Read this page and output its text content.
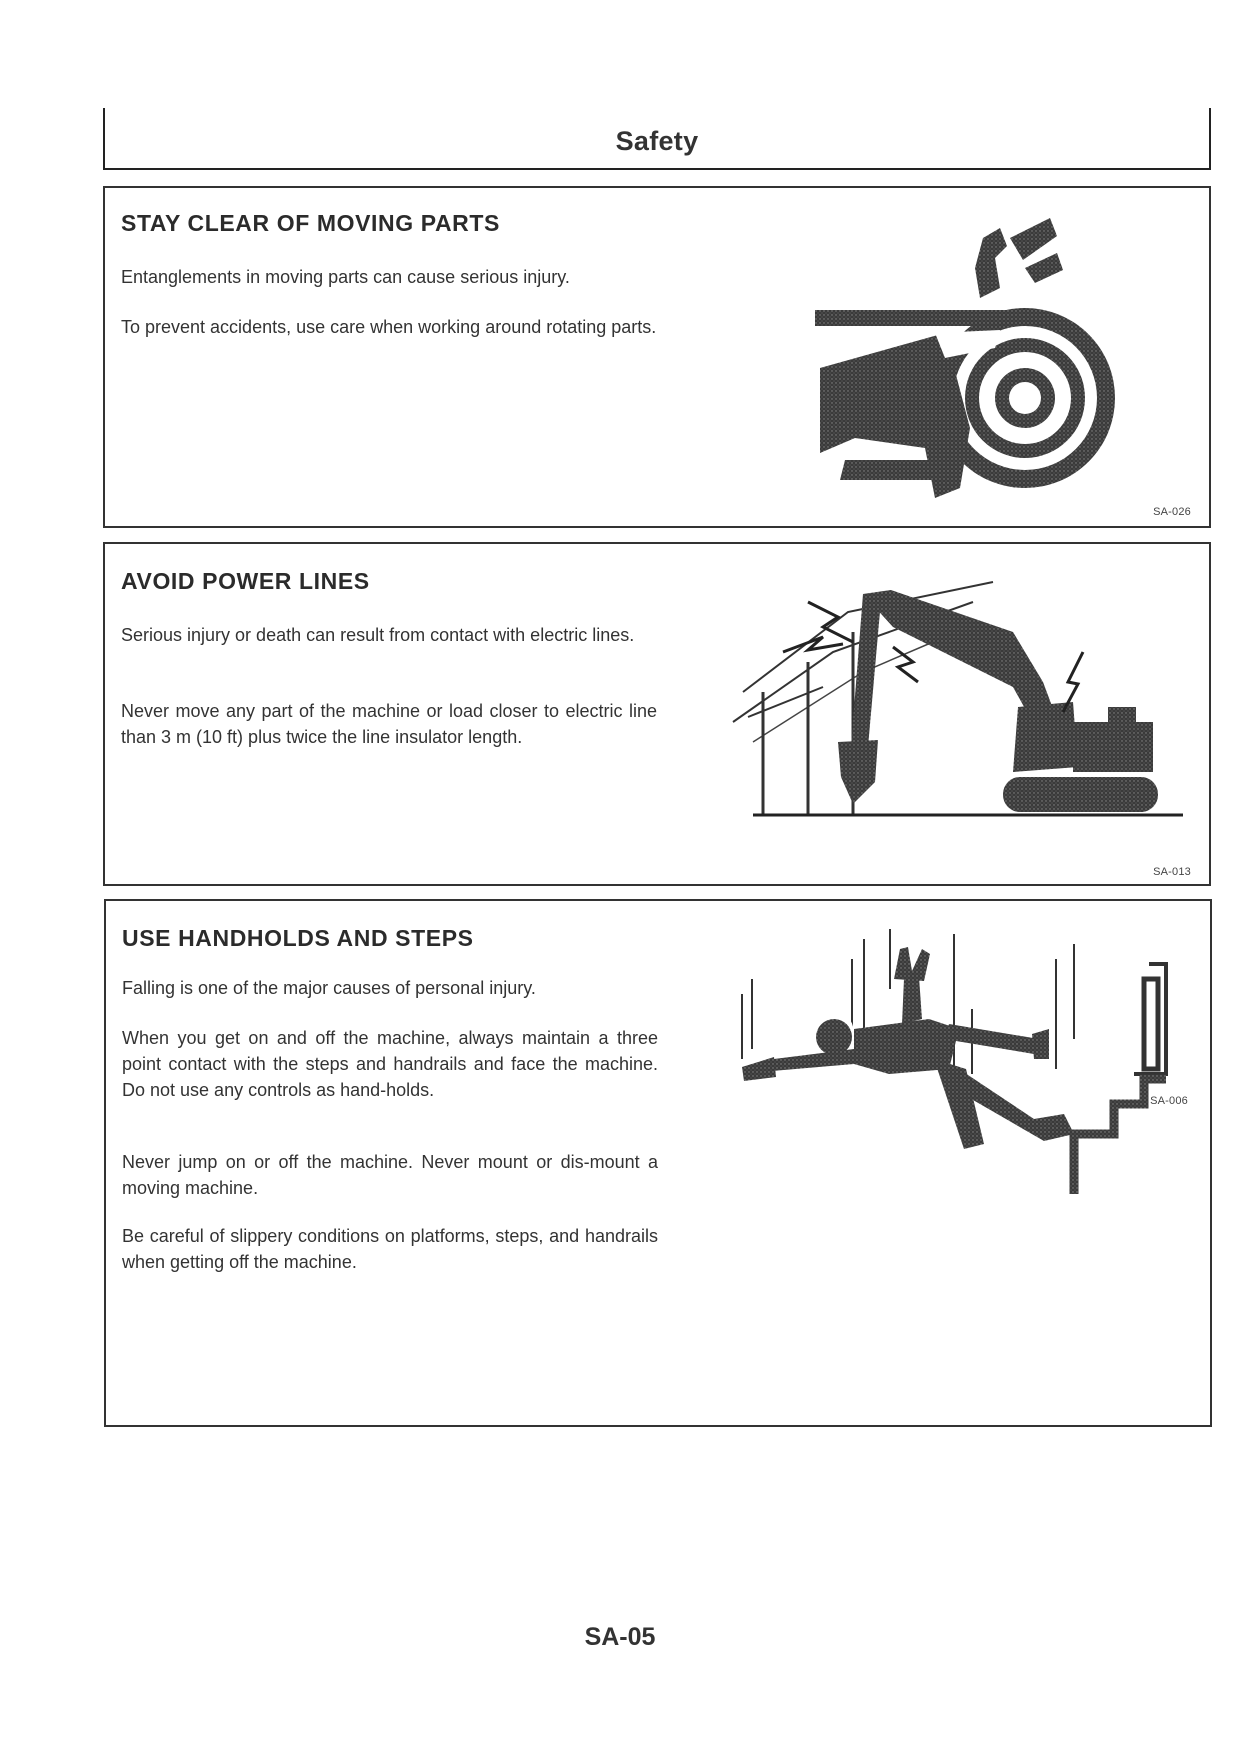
Safety
STAY CLEAR OF MOVING PARTS

Entanglements in moving parts can cause serious injury.

To prevent accidents, use care when working around rotating parts.

SA-026
AVOID POWER LINES

Serious injury or death can result from contact with electric lines.

Never move any part of the machine or load closer to electric line than 3 m (10 ft) plus twice the line insulator length.

SA-013
USE HANDHOLDS AND STEPS

Falling is one of the major causes of personal injury.

When you get on and off the machine, always maintain a three point contact with the steps and handrails and face the machine. Do not use any controls as hand-holds.

Never jump on or off the machine. Never mount or dis-mount a moving machine.

Be careful of slippery conditions on platforms, steps, and handrails when getting off the machine.

SA-006
SA-05
